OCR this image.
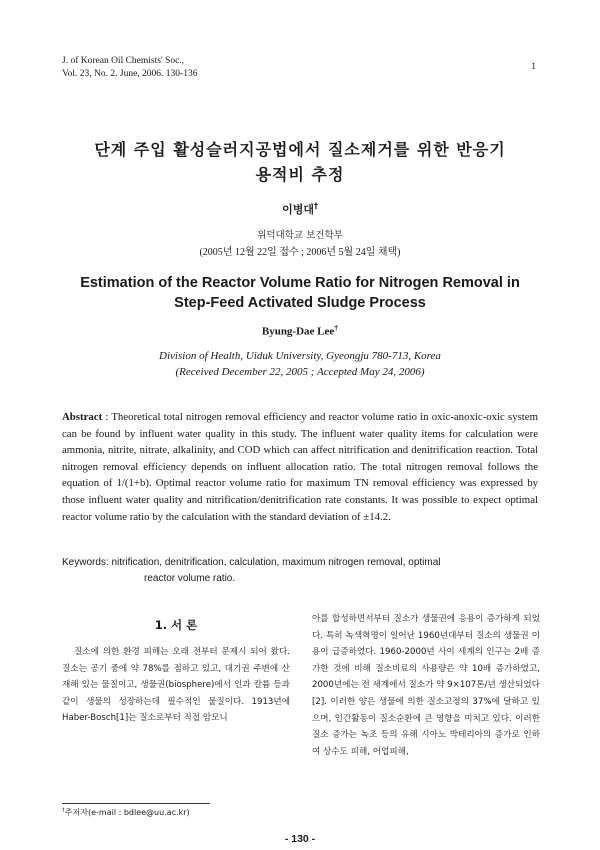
J. of Korean Oil Chemists' Soc.,
Vol. 23, No. 2. June, 2006. 130-136
1
단계 주입 활성슬러지공법에서 질소제거를 위한 반응기
용적비 추정
이병대†
위덕대학교 보건학부
(2005년 12월 22일 접수 ; 2006년 5월 24일 채택)
Estimation of the Reactor Volume Ratio for Nitrogen Removal in
Step-Feed Activated Sludge Process
Byung-Dae Lee†
Division of Health, Uiduk University, Gyeongju 780-713, Korea
(Received December 22, 2005 ; Accepted May 24, 2006)
Abstract : Theoretical total nitrogen removal efficiency and reactor volume ratio in oxic-anoxic-oxic system can be found by influent water quality in this study. The influent water quality items for calculation were ammonia, nitrite, nitrate, alkalinity, and COD which can affect nitrification and denitrification reaction. Total nitrogen removal efficiency depends on influent allocation ratio. The total nitrogen removal follows the equation of 1/(1+b). Optimal reactor volume ratio for maximum TN removal efficiency was expressed by those influent water quality and nitrification/denitrification rate constants. It was possible to expect optimal reactor volume ratio by the calculation with the standard deviation of ±14.2.
Keywords: nitrification, denitrification, calculation, maximum nitrogen removal, optimal
reactor volume ratio.
1. 서 론
질소에 의한 환경 피해는 오래 전부터 문제시 되어 왔다. 질소는 공기 중에 약 78%를 점하고 있고, 대기권 주변에 산재해 있는 물질이고, 생물권(biosphere)에서 인과 칼륨 등과 같이 생물의 성장하는데 필수적인 물질이다. 1913년에 Haber-Bosch[1]는 질소로부터 직접 암모니
아를 합성하면서부터 질소가 생물권에 응용이 증가하게 되었다. 특히 녹색혁명이 일어난 1960년대부터 질소의 생물권 이용이 급증하였다. 1960-2000년 사이 세계의 인구는 2배 증가한 것에 비해 질소비료의 사용량은 약 10배 증가하였고, 2000년에는 전 세계에서 질소가 약 9×107톤/년 생산되었다[2]. 이러한 양은 생물에 의한 질소고정의 37%에 달하고 있으며, 인간활동이 질소순환에 큰 영향을 미치고 있다. 이러한 질소 증가는 녹조 등의 유해 시아노 박테리아의 증가로 인하여 상수도 피해, 어업피해,
†주저자(e-mail : bdlee@uu.ac.kr)
- 130 -
